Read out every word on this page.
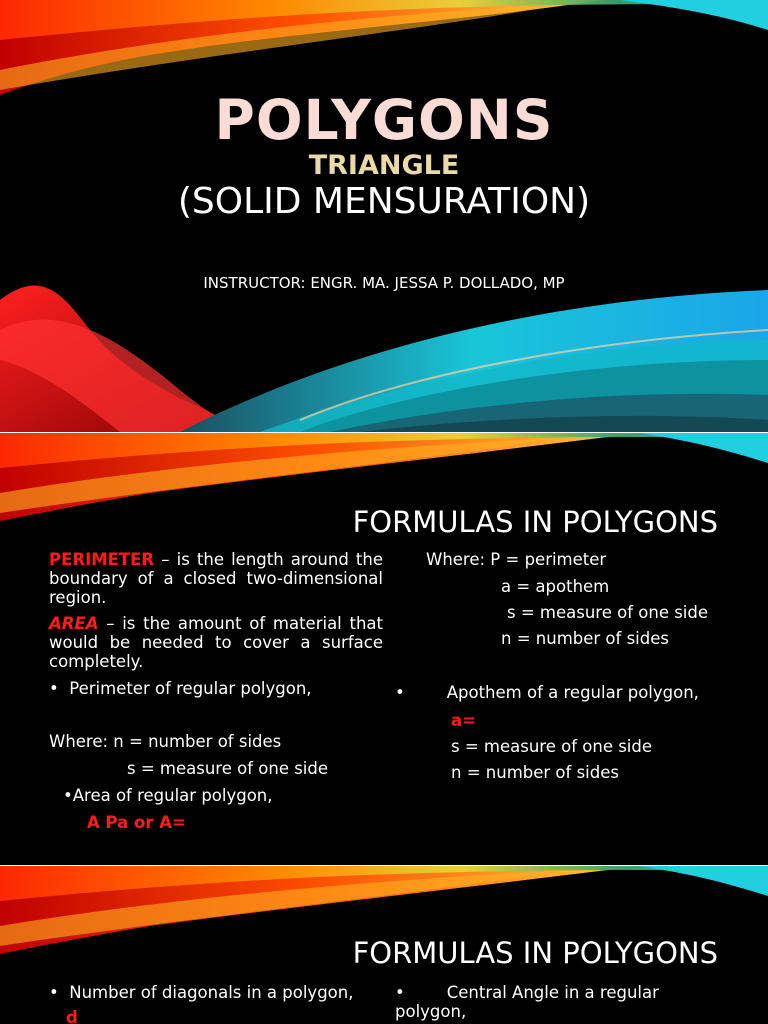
POLYGONS
TRIANGLE
(SOLID MENSURATION)
INSTRUCTOR: ENGR. MA. JESSA P. DOLLADO, MP
FORMULAS IN POLYGONS
PERIMETER – is the length around the boundary of a closed two-dimensional region.
AREA – is the amount of material that would be needed to cover a surface completely.
• Perimeter of regular polygon,
Where: n = number of sides
s = measure of one side
•Area of regular polygon,
A Pa or A=
Where: P = perimeter
a = apothem
s = measure of one side
n = number of sides
•	Apothem of a regular polygon,
a=
s = measure of one side
n = number of sides
FORMULAS IN POLYGONS
• Number of diagonals in a polygon,
d
•	Central Angle in a regular polygon,
